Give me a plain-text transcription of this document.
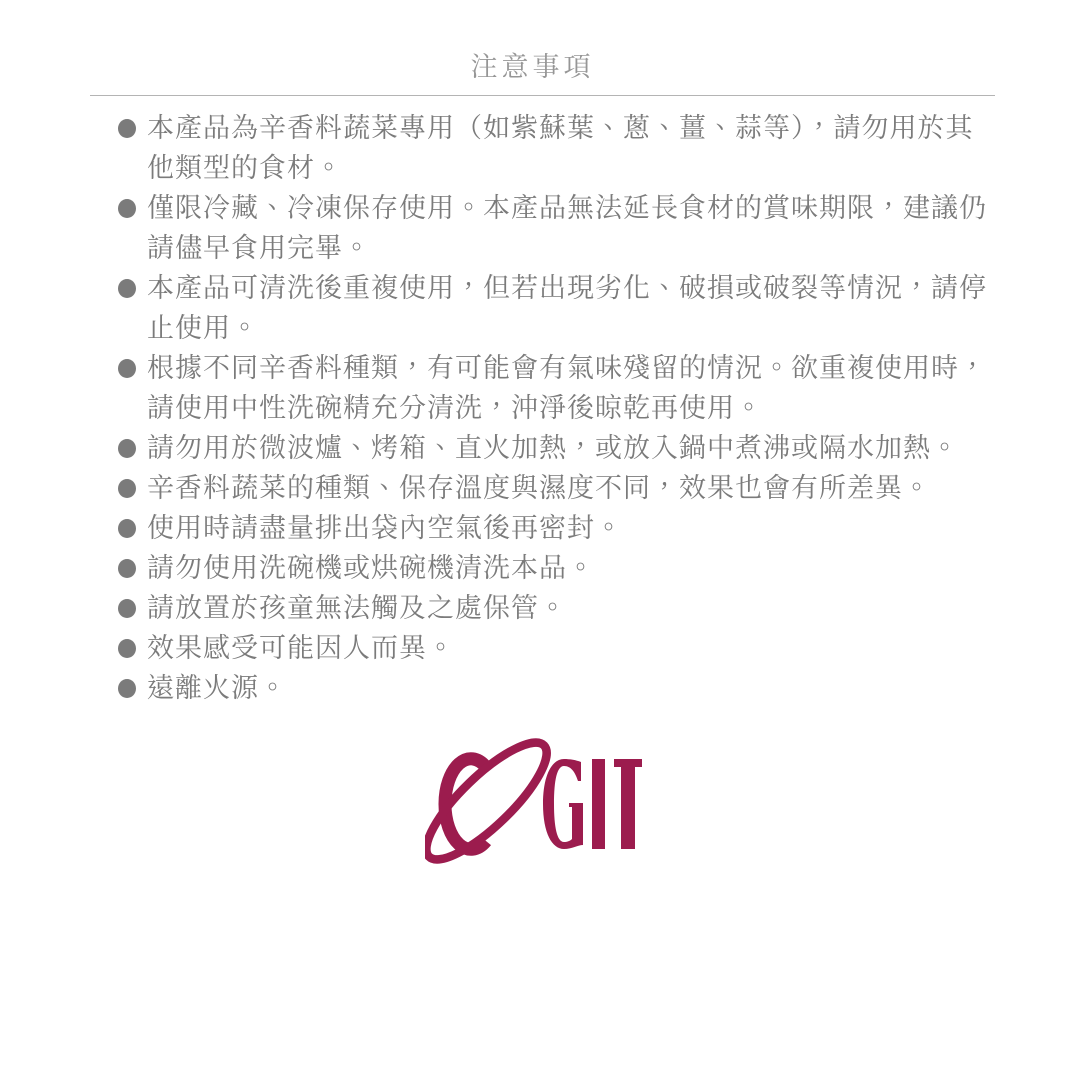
注意事項
本產品為辛香料蔬菜專用（如紫蘇葉、蔥、薑、蒜等），請勿用於其他類型的食材。
僅限冷藏、冷凍保存使用。本產品無法延長食材的賞味期限，建議仍請儘早食用完畢。
本產品可清洗後重複使用，但若出現劣化、破損或破裂等情況，請停止使用。
根據不同辛香料種類，有可能會有氣味殘留的情況。欲重複使用時，請使用中性洗碗精充分清洗，沖淨後晾乾再使用。
請勿用於微波爐、烤箱、直火加熱，或放入鍋中煮沸或隔水加熱。
辛香料蔬菜的種類、保存溫度與濕度不同，效果也會有所差異。
使用時請盡量排出袋內空氣後再密封。
請勿使用洗碗機或烘碗機清洗本品。
請放置於孩童無法觸及之處保管。
效果感受可能因人而異。
遠離火源。
